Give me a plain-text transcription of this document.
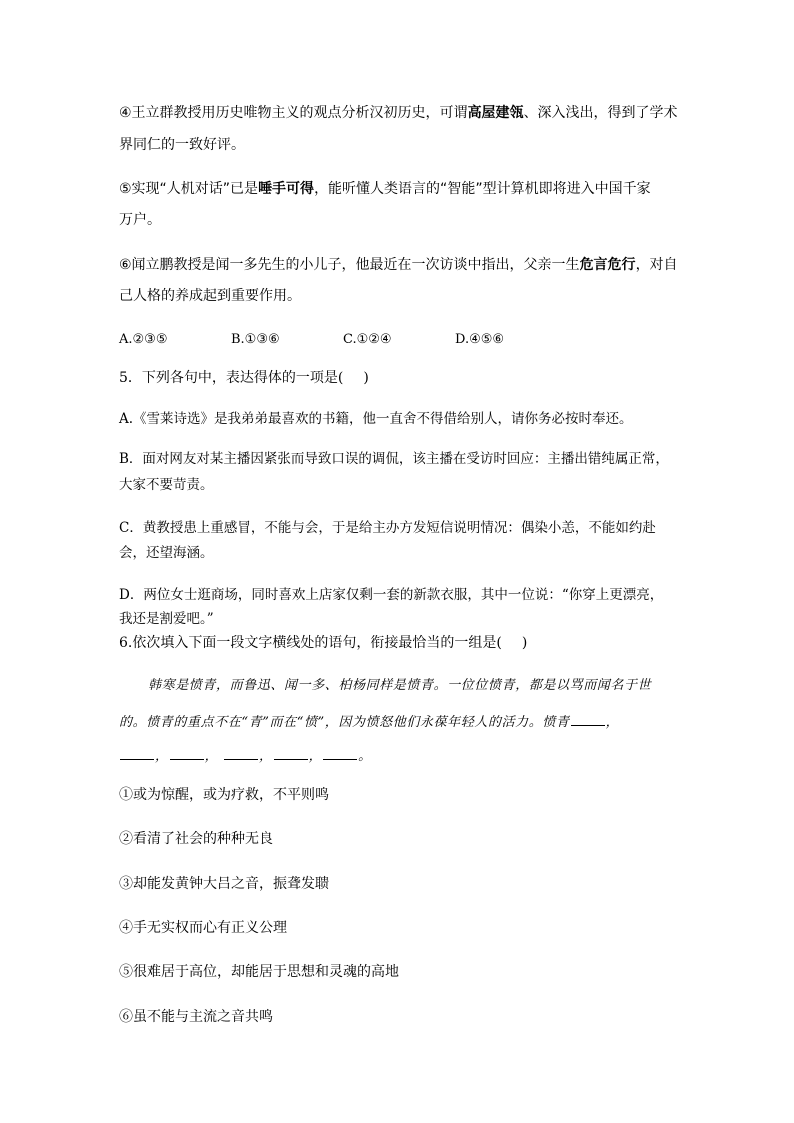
④王立群教授用历史唯物主义的观点分析汉初历史，可谓高屋建瓴、深入浅出，得到了学术
界同仁的一致好评。
⑤实现“人机对话”已是唾手可得，能听懂人类语言的“智能”型计算机即将进入中国千家
万户。
⑥闻立鹏教授是闻一多先生的小儿子，他最近在一次访谈中指出，父亲一生危言危行，对自
己人格的养成起到重要作用。
A.②③⑤	B.①③⑥	C.①②④	D.④⑤⑥
5．下列各句中，表达得体的一项是( )
A.《雪莱诗选》是我弟弟最喜欢的书籍，他一直舍不得借给别人，请你务必按时奉还。
B．面对网友对某主播因紧张而导致口误的调侃，该主播在受访时回应：主播出错纯属正常，
大家不要苛责。
C．黄教授患上重感冒，不能与会，于是给主办方发短信说明情况：偶染小恙，不能如约赴
会，还望海涵。
D．两位女士逛商场，同时喜欢上店家仅剩一套的新款衣服，其中一位说：“你穿上更漂亮，
我还是割爱吧。”
6.依次填入下面一段文字横线处的语句，衔接最恰当的一组是( )
韩寒是愤青，而鲁迅、闻一多、柏杨同样是愤青。一位位愤青，都是以骂而闻名于世
的。愤青的重点不在“青”而在“愤”，因为愤怒他们永葆年轻人的活力。愤青	，
，	，	，	，	。
①或为惊醒，或为疗救，不平则鸣
②看清了社会的种种无良
③却能发黄钟大吕之音，振聋发聩
④手无实权而心有正义公理
⑤很难居于高位，却能居于思想和灵魂的高地
⑥虽不能与主流之音共鸣
